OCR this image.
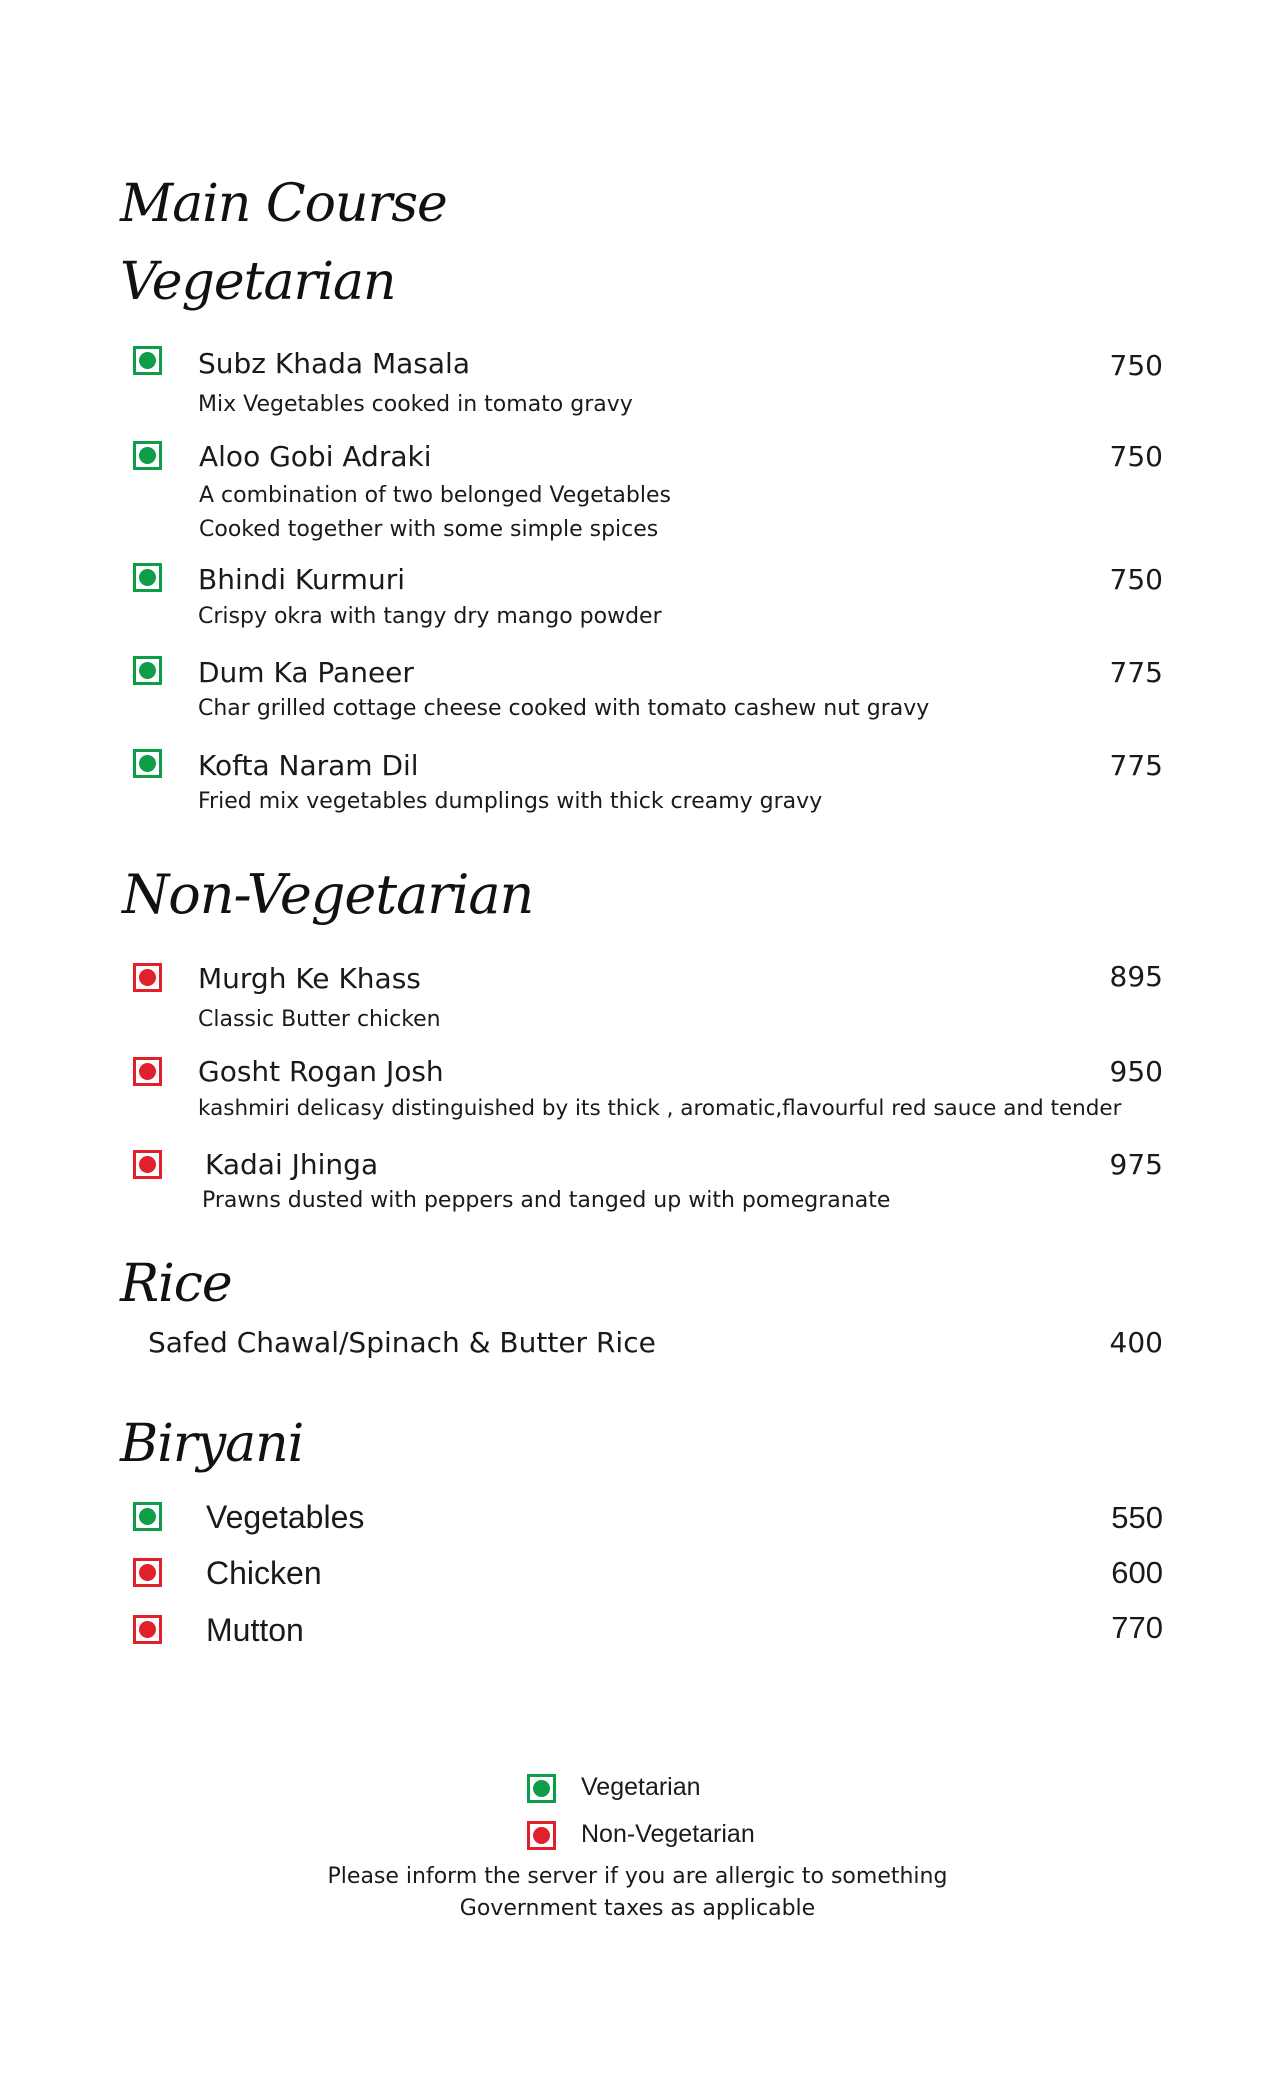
Main Course
Vegetarian
Subz Khada Masala	750
Mix Vegetables cooked in tomato gravy
Aloo Gobi Adraki	750
A combination of two belonged Vegetables
Cooked together with some simple spices
Bhindi Kurmuri	750
Crispy okra with tangy dry mango powder
Dum Ka Paneer	775
Char grilled cottage cheese cooked with tomato cashew nut gravy
Kofta Naram Dil	775
Fried mix vegetables dumplings with thick creamy gravy
Non-Vegetarian
Murgh Ke Khass	895
Classic Butter chicken
Gosht Rogan Josh	950
kashmiri delicasy distinguished by its thick , aromatic,flavourful red sauce and tender
Kadai Jhinga	975
Prawns dusted with peppers and tanged up with pomegranate
Rice
Safed Chawal/Spinach & Butter Rice	400
Biryani
Vegetables	550
Chicken	600
Mutton	770
Vegetarian
Non-Vegetarian
Please inform the server if you are allergic to something
Government taxes as applicable
